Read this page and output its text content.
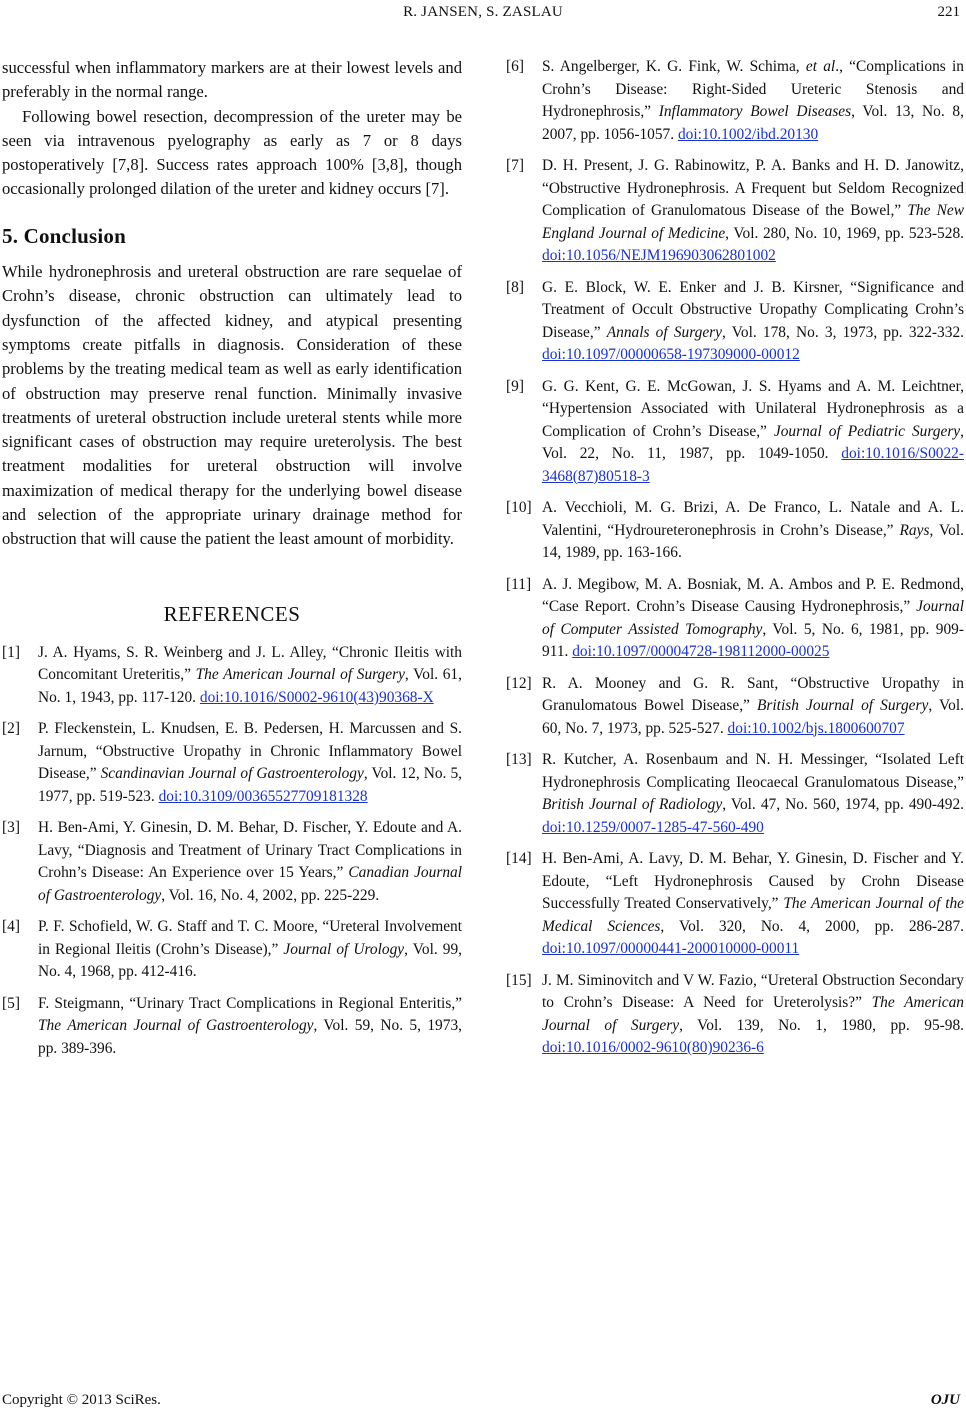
R. JANSEN, S. ZASLAU	221

successful when inflammatory markers are at their lowest levels and preferably in the normal range.

Following bowel resection, decompression of the ureter may be seen via intravenous pyelography as early as 7 or 8 days postoperatively [7,8]. Success rates approach 100% [3,8], though occasionally prolonged dilation of the ureter and kidney occurs [7].

5. Conclusion

While hydronephrosis and ureteral obstruction are rare sequelae of Crohn’s disease, chronic obstruction can ultimately lead to dysfunction of the affected kidney, and atypical presenting symptoms create pitfalls in diagnosis. Consideration of these problems by the treating medical team as well as early identification of obstruction may preserve renal function. Minimally invasive treatments of ureteral obstruction include ureteral stents while more significant cases of obstruction may require ureterolysis. The best treatment modalities for ureteral obstruction will involve maximization of medical therapy for the underlying bowel disease and selection of the appropriate urinary drainage method for obstruction that will cause the patient the least amount of morbidity.

REFERENCES
[1]	J. A. Hyams, S. R. Weinberg and J. L. Alley, “Chronic Ileitis with Concomitant Ureteritis,” The American Journal of Surgery, Vol. 61, No. 1, 1943, pp. 117-120. doi:10.1016/S0002-9610(43)90368-X
[2]	P. Fleckenstein, L. Knudsen, E. B. Pedersen, H. Marcussen and S. Jarnum, “Obstructive Uropathy in Chronic Inflammatory Bowel Disease,” Scandinavian Journal of Gastroenterology, Vol. 12, No. 5, 1977, pp. 519-523. doi:10.3109/00365527709181328
[3]	H. Ben-Ami, Y. Ginesin, D. M. Behar, D. Fischer, Y. Edoute and A. Lavy, “Diagnosis and Treatment of Urinary Tract Complications in Crohn’s Disease: An Experience over 15 Years,” Canadian Journal of Gastroenterology, Vol. 16, No. 4, 2002, pp. 225-229.
[4]	P. F. Schofield, W. G. Staff and T. C. Moore, “Ureteral Involvement in Regional Ileitis (Crohn’s Disease),” Journal of Urology, Vol. 99, No. 4, 1968, pp. 412-416.
[5]	F. Steigmann, “Urinary Tract Complications in Regional Enteritis,” The American Journal of Gastroenterology, Vol. 59, No. 5, 1973, pp. 389-396.
[6]	S. Angelberger, K. G. Fink, W. Schima, et al., “Complications in Crohn’s Disease: Right-Sided Ureteric Stenosis and Hydronephrosis,” Inflammatory Bowel Diseases, Vol. 13, No. 8, 2007, pp. 1056-1057. doi:10.1002/ibd.20130
[7]	D. H. Present, J. G. Rabinowitz, P. A. Banks and H. D. Janowitz, “Obstructive Hydronephrosis. A Frequent but Seldom Recognized Complication of Granulomatous Disease of the Bowel,” The New England Journal of Medicine, Vol. 280, No. 10, 1969, pp. 523-528. doi:10.1056/NEJM196903062801002
[8]	G. E. Block, W. E. Enker and J. B. Kirsner, “Significance and Treatment of Occult Obstructive Uropathy Complicating Crohn’s Disease,” Annals of Surgery, Vol. 178, No. 3, 1973, pp. 322-332. doi:10.1097/00000658-197309000-00012
[9]	G. G. Kent, G. E. McGowan, J. S. Hyams and A. M. Leichtner, “Hypertension Associated with Unilateral Hydronephrosis as a Complication of Crohn’s Disease,” Journal of Pediatric Surgery, Vol. 22, No. 11, 1987, pp. 1049-1050. doi:10.1016/S0022-3468(87)80518-3
[10] A. Vecchioli, M. G. Brizi, A. De Franco, L. Natale and A. L. Valentini, “Hydroureteronephrosis in Crohn’s Disease,” Rays, Vol. 14, 1989, pp. 163-166.
[11] A. J. Megibow, M. A. Bosniak, M. A. Ambos and P. E. Redmond, “Case Report. Crohn’s Disease Causing Hydronephrosis,” Journal of Computer Assisted Tomography, Vol. 5, No. 6, 1981, pp. 909-911. doi:10.1097/00004728-198112000-00025
[12] R. A. Mooney and G. R. Sant, “Obstructive Uropathy in Granulomatous Bowel Disease,” British Journal of Surgery, Vol. 60, No. 7, 1973, pp. 525-527. doi:10.1002/bjs.1800600707
[13] R. Kutcher, A. Rosenbaum and N. H. Messinger, “Isolated Left Hydronephrosis Complicating Ileocaecal Granulomatous Disease,” British Journal of Radiology, Vol. 47, No. 560, 1974, pp. 490-492. doi:10.1259/0007-1285-47-560-490
[14] H. Ben-Ami, A. Lavy, D. M. Behar, Y. Ginesin, D. Fischer and Y. Edoute, “Left Hydronephrosis Caused by Crohn Disease Successfully Treated Conservatively,” The American Journal of the Medical Sciences, Vol. 320, No. 4, 2000, pp. 286-287. doi:10.1097/00000441-200010000-00011
[15] J. M. Siminovitch and V W. Fazio, “Ureteral Obstruction Secondary to Crohn’s Disease: A Need for Ureterolysis?” The American Journal of Surgery, Vol. 139, No. 1, 1980, pp. 95-98. doi:10.1016/0002-9610(80)90236-6
Copyright © 2013 SciRes.	OJU
